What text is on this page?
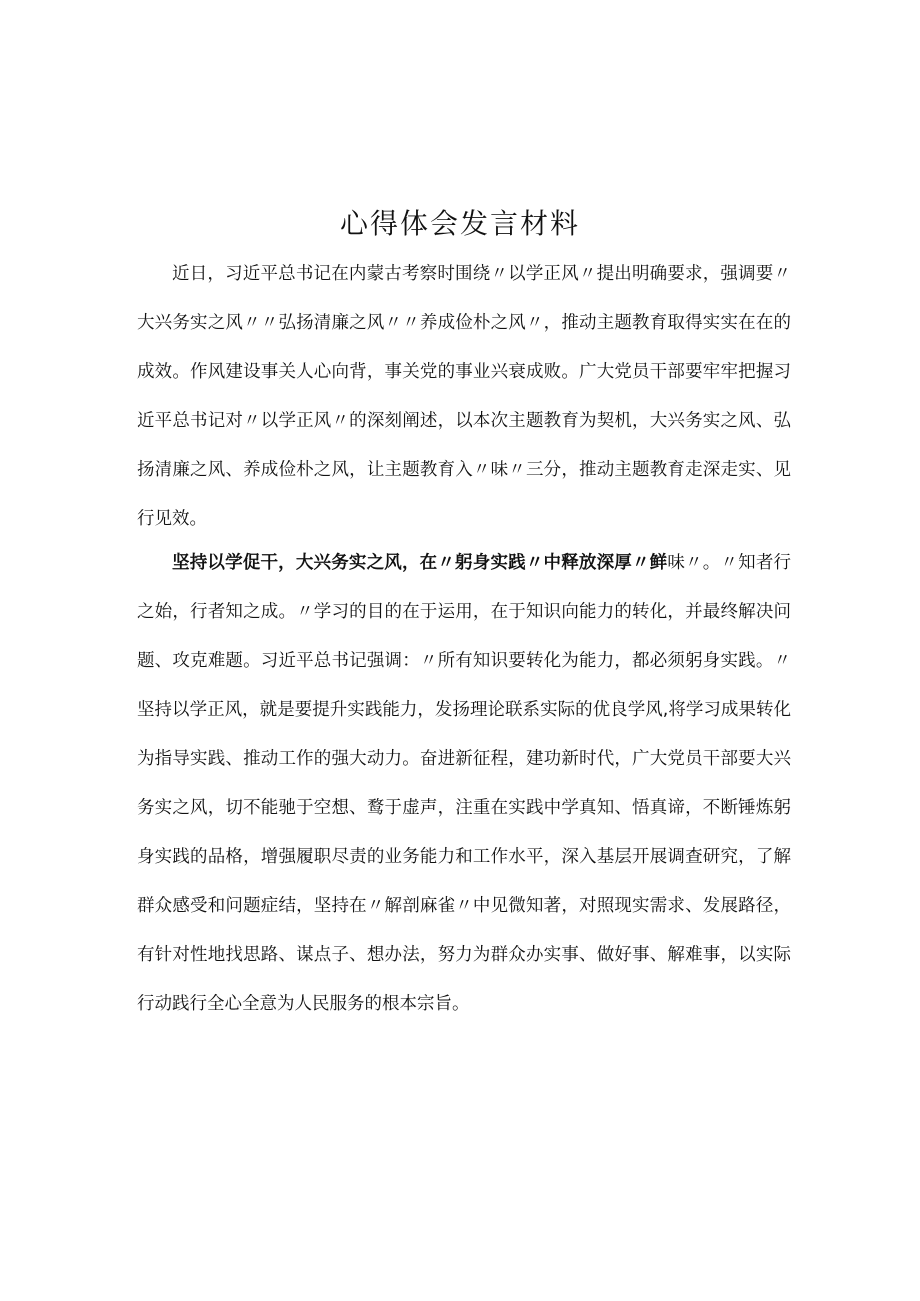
心得体会发言材料

近日，习近平总书记在内蒙古考察时围绕〃以学正风〃提出明确要求，强调要〃大兴务实之风〃〃弘扬清廉之风〃〃养成俭朴之风〃，推动主题教育取得实实在在的成效。作风建设事关人心向背，事关党的事业兴衰成败。广大党员干部要牢牢把握习近平总书记对〃以学正风〃的深刻阐述，以本次主题教育为契机，大兴务实之风、弘扬清廉之风、养成俭朴之风，让主题教育入〃味〃三分，推动主题教育走深走实、见行见效。

坚持以学促干，大兴务实之风，在〃躬身实践〃中释放深厚〃鲜味〃。〃知者行之始，行者知之成。〃学习的目的在于运用，在于知识向能力的转化，并最终解决问题、攻克难题。习近平总书记强调：〃所有知识要转化为能力，都必须躬身实践。〃坚持以学正风，就是要提升实践能力，发扬理论联系实际的优良学风,将学习成果转化为指导实践、推动工作的强大动力。奋进新征程，建功新时代，广大党员干部要大兴务实之风，切不能驰于空想、鹜于虚声，注重在实践中学真知、悟真谛，不断锤炼躬身实践的品格，增强履职尽责的业务能力和工作水平，深入基层开展调查研究，了解群众感受和问题症结，坚持在〃解剖麻雀〃中见微知著，对照现实需求、发展路径，有针对性地找思路、谋点子、想办法，努力为群众办实事、做好事、解难事，以实际行动践行全心全意为人民服务的根本宗旨。
